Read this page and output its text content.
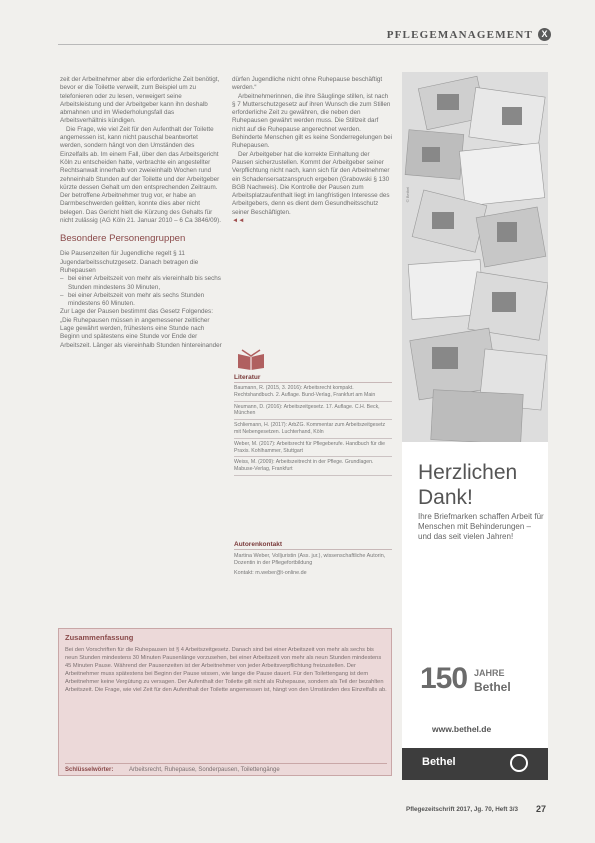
PFLEGEMANAGEMENT X

zeit der Arbeitnehmer aber die erforderliche Zeit benötigt, bevor er die Toilette verweilt, zum Beispiel um zu telefonieren oder zu lesen, verweigert seine Arbeitsleistung und der Arbeitgeber kann ihn deshalb abmahnen und im Wiederholungsfall das Arbeitsverhältnis kündigen.

Die Frage, wie viel Zeit für den Aufenthalt der Toilette angemessen ist, kann nicht pauschal beantwortet werden, sondern hängt von den Umständen des Einzelfalls ab. Im einem Fall, über den das Arbeitsgericht Köln zu entscheiden hatte, verbrachte ein angestellter Rechtsanwalt innerhalb von zweieinhalb Wochen rund zehneinhalb Stunden auf der Toilette und der Arbeitgeber kürzte dessen Gehalt um den entsprechenden Zeitraum. Der betroffene Arbeitnehmer trug vor, er habe an Darmbeschwerden gelitten, konnte dies aber nicht belegen. Das Gericht hielt die Kürzung des Gehalts für nicht zulässig (AG Köln 21. Januar 2010 – 6 Ca 3846/09).

Besondere Personengruppen

Die Pausenzeiten für Jugendliche regelt § 11 Jugendarbeitsschutzgesetz. Danach betragen die Ruhepausen

– bei einer Arbeitszeit von mehr als viereinhalb bis sechs Stunden mindestens 30 Minuten,
– bei einer Arbeitszeit von mehr als sechs Stunden mindestens 60 Minuten.

Zur Lage der Pausen bestimmt das Gesetz Folgendes: „Die Ruhepausen müssen in angemessener zeitlicher Lage gewährt werden, frühestens eine Stunde nach Beginn und spätestens eine Stunde vor Ende der Arbeitszeit. Länger als viereinhalb Stunden hintereinander

dürfen Jugendliche nicht ohne Ruhepause beschäftigt werden.“

Arbeitnehmerinnen, die ihre Säuglinge stillen, ist nach § 7 Mutterschutzgesetz auf ihren Wunsch die zum Stillen erforderliche Zeit zu gewähren, die neben den Ruhepausen gewährt werden muss. Die Stillzeit darf nicht auf die Ruhepause angerechnet werden. Behinderte Menschen gilt es keine Sonderregelungen bei Ruhepausen.

Der Arbeitgeber hat die korrekte Einhaltung der Pausen sicherzustellen. Kommt der Arbeitgeber seiner Verpflichtung nicht nach, kann sich für den Arbeitnehmer ein Schadensersatzanspruch ergeben (Grabowski § 130 BGB Nachweis). Die Kontrolle der Pausen zum Arbeitsplatzaufenthalt liegt im langfristigen Interesse des Arbeitgebers, denn es dient dem Gesundheitsschutz seiner Beschäftigten.

◄◄
Literatur
Baumann, R. (2015, 3. 2016): Arbeitsrecht kompakt. Rechtshandbuch. 2. Auflage. Bund-Verlag, Frankfurt am Main
Neumann, D. (2016): Arbeitszeitgesetz. 17. Auflage. C.H. Beck, München
Schliemann, H. (2017): ArbZG. Kommentar zum Arbeitszeitgesetz mit Nebengesetzen. Luchterhand, Köln
Weber, M. (2017): Arbeitsrecht für Pflegeberufe. Handbuch für die Praxis. Kohlhammer, Stuttgart
Weiss, M. (2009): Arbeitszeitrecht in der Pflege. Grundlagen. Mabuse-Verlag, Frankfurt
Autorenkontakt
Martina Weber, Volljuristin (Ass. jur.), wissenschaftliche Autorin, Dozentin in der Pflegefortbildung
Kontakt: m.weber@t-online.de
© Bethel
Herzlichen
Dank!
Ihre Briefmarken schaffen Arbeit für Menschen mit Behinderungen – und das seit vielen Jahren!
150 JAHRE
Bethel
www.bethel.de
Bethel
Zusammenfassung
Bei den Vorschriften für die Ruhepausen ist § 4 Arbeitszeitgesetz. Danach sind bei einer Arbeitszeit von mehr als sechs bis neun Stunden mindestens 30 Minuten Pausenlänge vorzusehen, bei einer Arbeitszeit von mehr als neun Stunden mindestens 45 Minuten Pause. Während der Pausenzeiten ist der Arbeitnehmer von jeder Arbeitsverpflichtung freizustellen. Der Arbeitnehmer muss spätestens bei Beginn der Pause wissen, wie lange die Pause dauert. Für den Toilettengang ist dem Arbeitnehmer keine Vergütung zu versagen. Der Aufenthalt der Toilette gilt nicht als Ruhepause, sondern als Teil der bezahlten Arbeitszeit. Die Frage, wie viel Zeit für den Aufenthalt der Toilette angemessen ist, hängt von den Umständen des Einzelfalls ab.
Schlüsselwörter:	Arbeitsrecht, Ruhepause, Sonderpausen, Toilettengänge
Pflegezeitschrift 2017, Jg. 70, Heft 3/3 27
